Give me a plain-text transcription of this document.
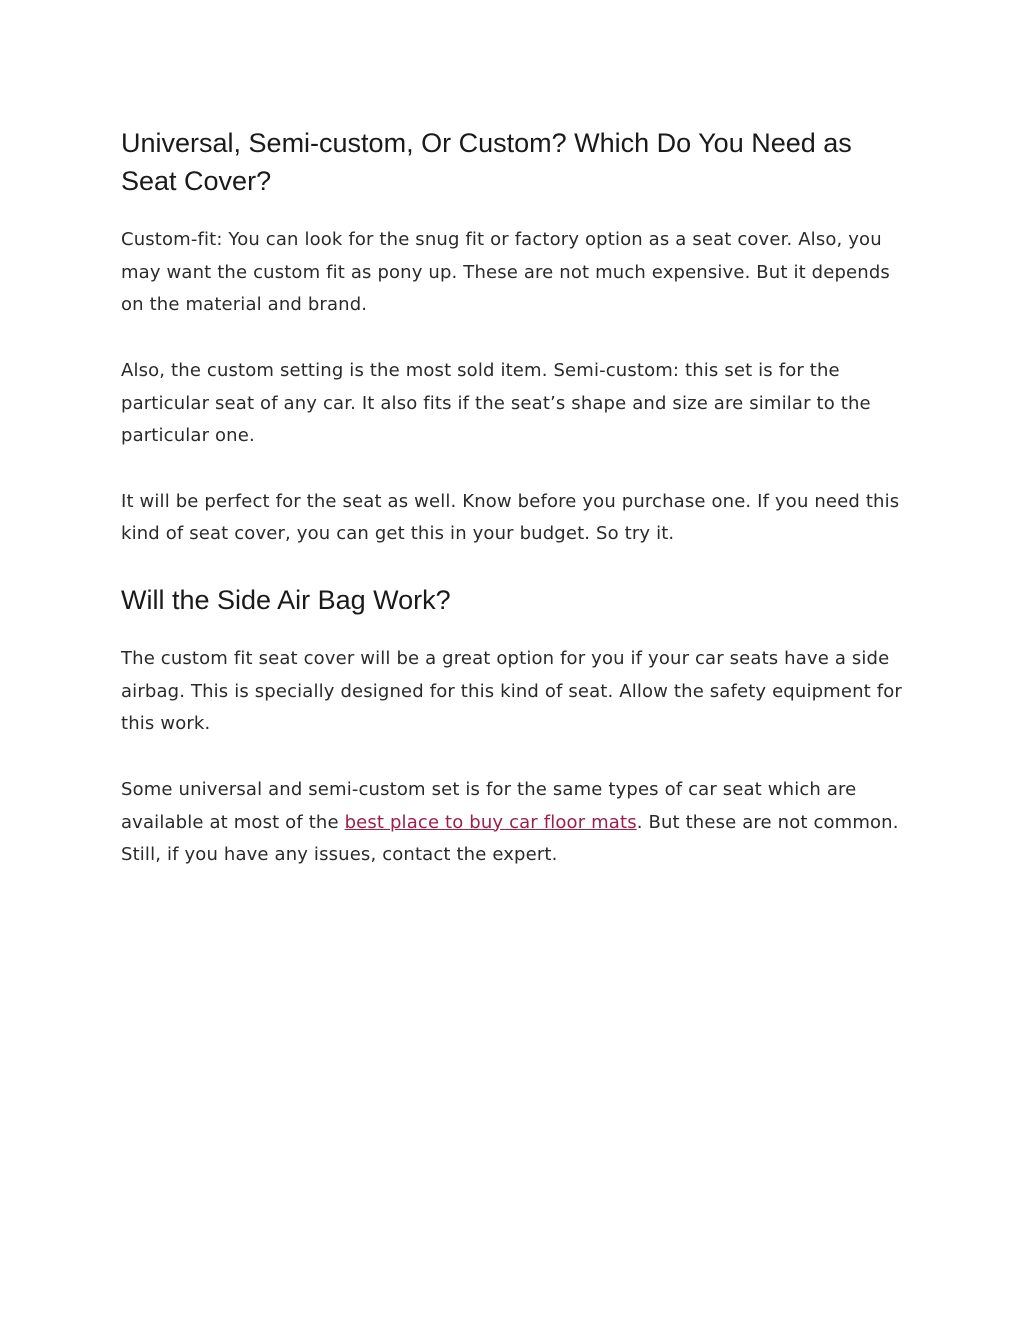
Universal, Semi-custom, Or Custom? Which Do You Need as Seat Cover?

Custom-fit: You can look for the snug fit or factory option as a seat cover. Also, you may want the custom fit as pony up. These are not much expensive. But it depends on the material and brand.

Also, the custom setting is the most sold item. Semi-custom: this set is for the particular seat of any car. It also fits if the seat’s shape and size are similar to the particular one.

It will be perfect for the seat as well. Know before you purchase one. If you need this kind of seat cover, you can get this in your budget. So try it.

Will the Side Air Bag Work?

The custom fit seat cover will be a great option for you if your car seats have a side airbag. This is specially designed for this kind of seat. Allow the safety equipment for this work.

Some universal and semi-custom set is for the same types of car seat which are available at most of the best place to buy car floor mats. But these are not common. Still, if you have any issues, contact the expert.
